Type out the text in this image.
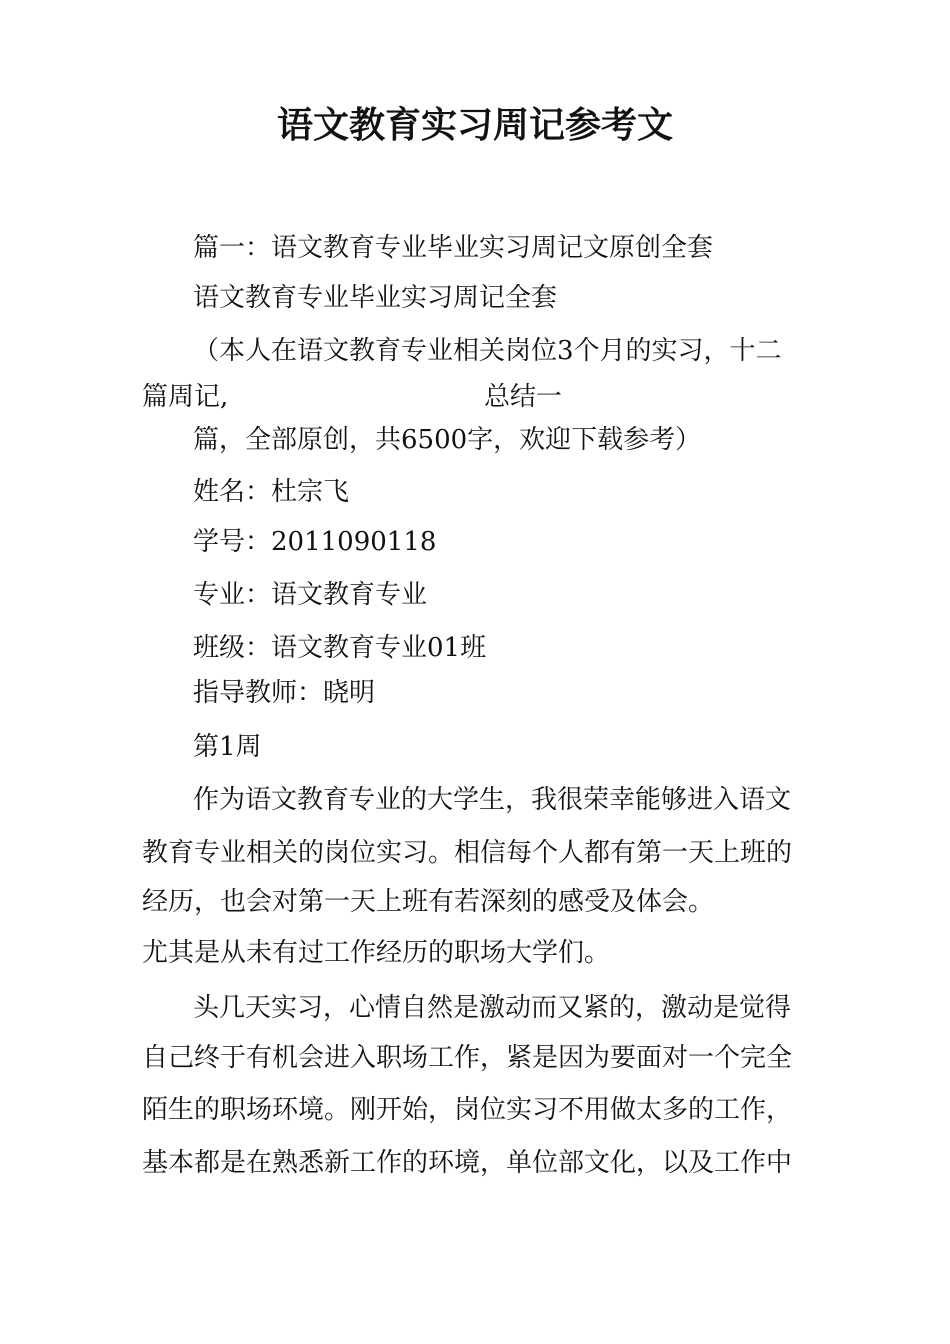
语文教育实习周记参考文

篇一：语文教育专业毕业实习周记文原创全套

语文教育专业毕业实习周记全套

（本人在语文教育专业相关岗位3个月的实习，十二

篇周记,	总结一

篇，全部原创，共6500字，欢迎下载参考）

姓名：杜宗飞

学号：2011090118

专业：语文教育专业

班级：语文教育专业01班

指导教师：晓明

第1周

作为语文教育专业的大学生，我很荣幸能够进入语文

教育专业相关的岗位实习。相信每个人都有第一天上班的

经历，也会对第一天上班有若深刻的感受及体会。

尤其是从未有过工作经历的职场大学们。

头几天实习，心情自然是激动而又紧的，激动是觉得

自己终于有机会进入职场工作，紧是因为要面对一个完全

陌生的职场环境。刚开始，岗位实习不用做太多的工作，

基本都是在熟悉新工作的环境，单位部文化，以及工作中
